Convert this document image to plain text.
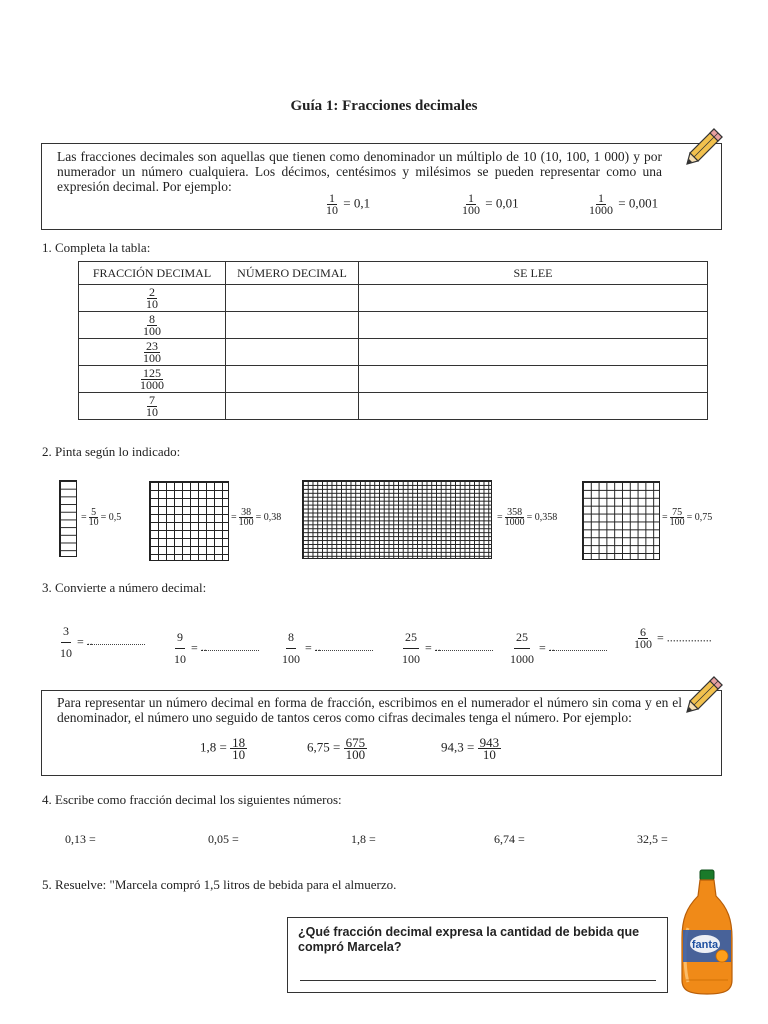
Guía 1: Fracciones decimales
Las fracciones decimales son aquellas que tienen como denominador un múltiplo de 10 (10, 100, 1 000) y por numerador un número cualquiera. Los décimos, centésimos y milésimos se pueden representar como una expresión decimal. Por ejemplo:
$\frac{1}{10} = 0,1$	$\frac{1}{100} = 0,01$	$\frac{1}{1000} = 0,001$
1. Completa la tabla:
FRACCIÓN DECIMAL	NÚMERO DECIMAL	SE LEE

$\frac{2}{10}$

$\frac{8}{100}$

$\frac{23}{100}$

$\frac{125}{1000}$

$\frac{7}{10}$

2. Pinta según lo indicado:
= $\frac{5}{10} = 0,5$	= $\frac{38}{100} = 0,38$	= $\frac{358}{1000} = 0,358$	= $\frac{75}{100} = 0,75$
3. Convierte a número decimal:
$\frac{3}{10}$ = ..	$\frac{9}{10}$ = ..	$\frac{8}{100}$ = ..	$\frac{25}{100}$ = ..	$\frac{25}{1000}$ = ..	$\frac{6}{100}$ = ...............
Para representar un número decimal en forma de fracción, escribimos en el numerador el número sin coma y en el denominador, el número uno seguido de tantos ceros como cifras decimales tenga el número. Por ejemplo:
$1,8 = \frac{18}{10}$	$6,75 = \frac{675}{100}$	$94,3 = \frac{943}{10}$
4. Escribe como fracción decimal los siguientes números:
0,13 =	0,05 =	1,8 =	6,74 =	32,5 =
5. Resuelve: "Marcela compró 1,5 litros de bebida para el almuerzo.
¿Qué fracción decimal expresa la cantidad de bebida que compró Marcela?	fanta
